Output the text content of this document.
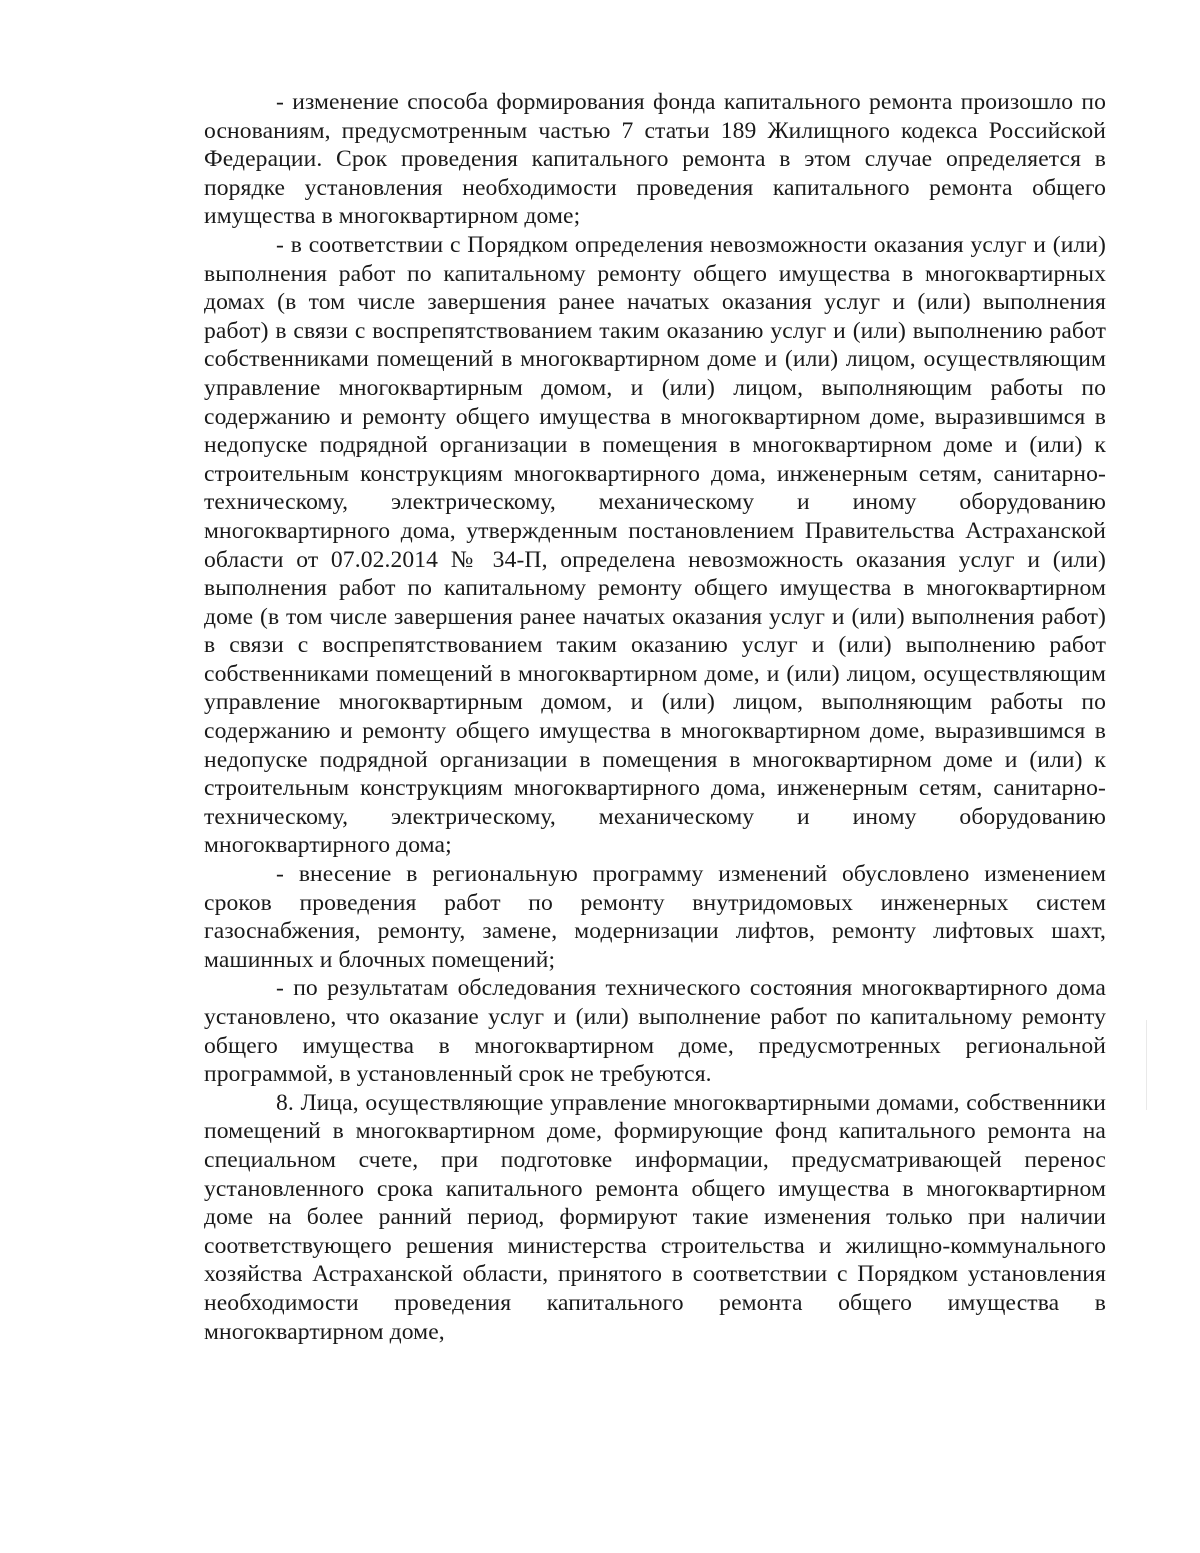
- изменение способа формирования фонда капитального ремонта произошло по основаниям, предусмотренным частью 7 статьи 189 Жилищного кодекса Российской Федерации. Срок проведения капитального ремонта в этом случае определяется в порядке установления необходимости проведения капитального ремонта общего имущества в многоквартирном доме;

- в соответствии с Порядком определения невозможности оказания услуг и (или) выполнения работ по капитальному ремонту общего имущества в многоквартирных домах (в том числе завершения ранее начатых оказания услуг и (или) выполнения работ) в связи с воспрепятствованием таким оказанию услуг и (или) выполнению работ собственниками помещений в многоквартирном доме и (или) лицом, осуществляющим управление многоквартирным домом, и (или) лицом, выполняющим работы по содержанию и ремонту общего имущества в многоквартирном доме, выразившимся в недопуске подрядной организации в помещения в многоквартирном доме и (или) к строительным конструкциям многоквартирного дома, инженерным сетям, санитарно-техническому, электрическому, механическому и иному оборудованию многоквартирного дома, утвержденным постановлением Правительства Астраханской области от 07.02.2014 № 34-П, определена невозможность оказания услуг и (или) выполнения работ по капитальному ремонту общего имущества в многоквартирном доме (в том числе завершения ранее начатых оказания услуг и (или) выполнения работ) в связи с воспрепятствованием таким оказанию услуг и (или) выполнению работ собственниками помещений в многоквартирном доме, и (или) лицом, осуществляющим управление многоквартирным домом, и (или) лицом, выполняющим работы по содержанию и ремонту общего имущества в многоквартирном доме, выразившимся в недопуске подрядной организации в помещения в многоквартирном доме и (или) к строительным конструкциям многоквартирного дома, инженерным сетям, санитарно-техническому, электрическому, механическому и иному оборудованию многоквартирного дома;

- внесение в региональную программу изменений обусловлено изменением сроков проведения работ по ремонту внутридомовых инженерных систем газоснабжения, ремонту, замене, модернизации лифтов, ремонту лифтовых шахт, машинных и блочных помещений;

- по результатам обследования технического состояния многоквартирного дома установлено, что оказание услуг и (или) выполнение работ по капитальному ремонту общего имущества в многоквартирном доме, предусмотренных региональной программой, в установленный срок не требуются.

8. Лица, осуществляющие управление многоквартирными домами, собственники помещений в многоквартирном доме, формирующие фонд капитального ремонта на специальном счете, при подготовке информации, предусматривающей перенос установленного срока капитального ремонта общего имущества в многоквартирном доме на более ранний период, формируют такие изменения только при наличии соответствующего решения министерства строительства и жилищно-коммунального хозяйства Астраханской области, принятого в соответствии с Порядком установления необходимости проведения капитального ремонта общего имущества в многоквартирном доме,
